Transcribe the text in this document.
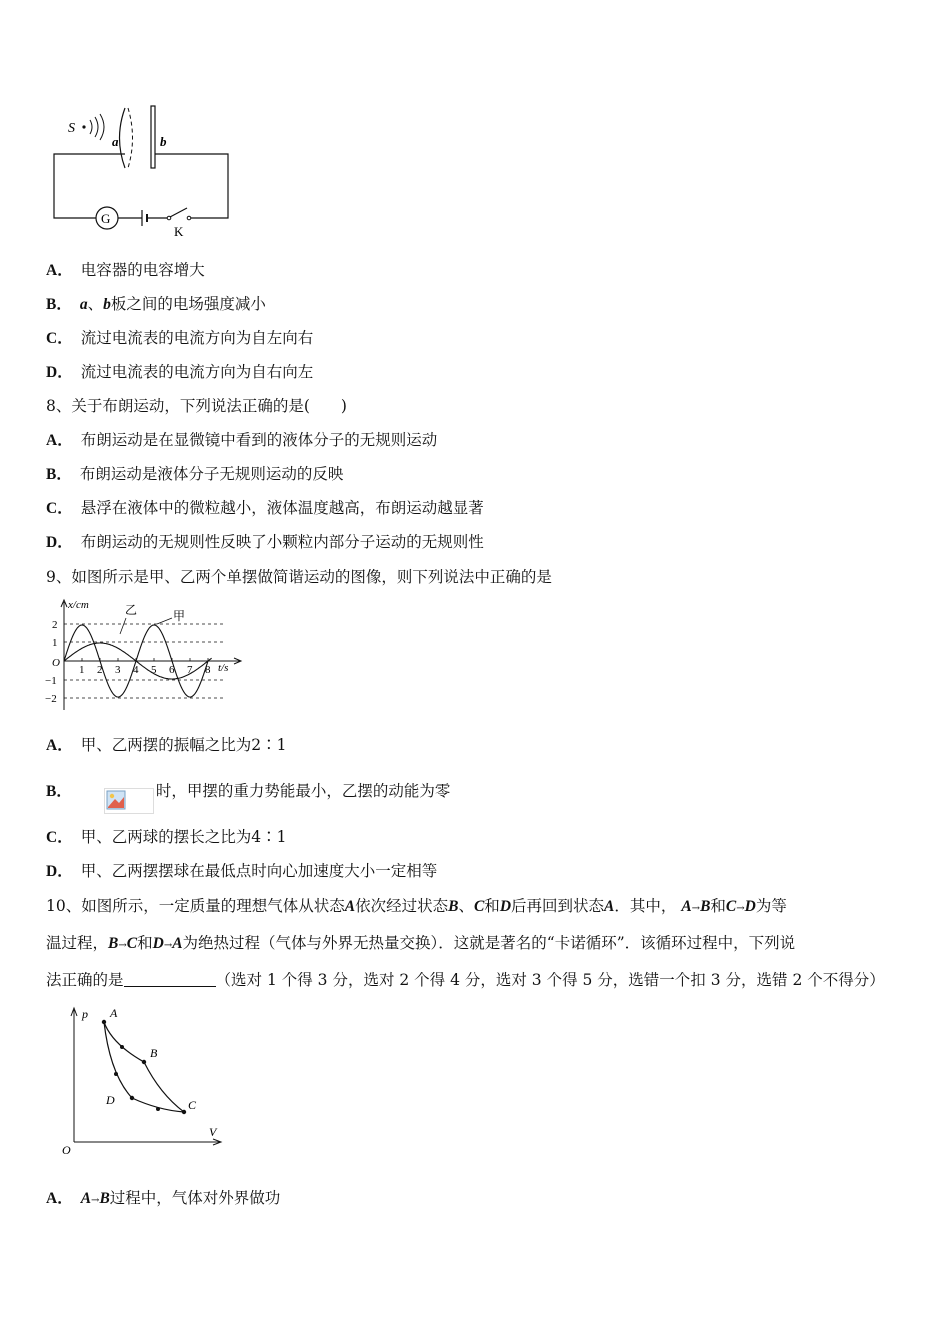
S
a	b
G
K
A． 电容器的电容增大
B． a、b板之间的电场强度减小
C． 流过电流表的电流方向为自左向右
D． 流过电流表的电流方向为自右向左
8、关于布朗运动，下列说法正确的是(　　)
A． 布朗运动是在显微镜中看到的液体分子的无规则运动
B． 布朗运动是液体分子无规则运动的反映
C． 悬浮在液体中的微粒越小，液体温度越高，布朗运动越显著
D． 布朗运动的无规则性反映了小颗粒内部分子运动的无规则性
9、如图所示是甲、乙两个单摆做简谐运动的图像，则下列说法中正确的是
x/cm
t/s
O
2
1
−1
−2
1 2 3 4 5 6 7 8
乙	甲
A． 甲、乙两摆的振幅之比为2∶1
B．	时，甲摆的重力势能最小，乙摆的动能为零
C． 甲、乙两球的摆长之比为4∶1
D． 甲、乙两摆摆球在最低点时向心加速度大小一定相等
10、如图所示，一定质量的理想气体从状态A依次经过状态B、C和D后再回到状态A．其中， A→B和C→D为等
温过程，B→C和D→A为绝热过程（气体与外界无热量交换）．这就是著名的“卡诺循环”．该循环过程中，下列说
法正确的是	（选对 1 个得 3 分，选对 2 个得 4 分，选对 3 个得 5 分，选错一个扣 3 分，选错 2 个不得分）
p
V
O
A
B
C
D
A． A→B过程中，气体对外界做功
